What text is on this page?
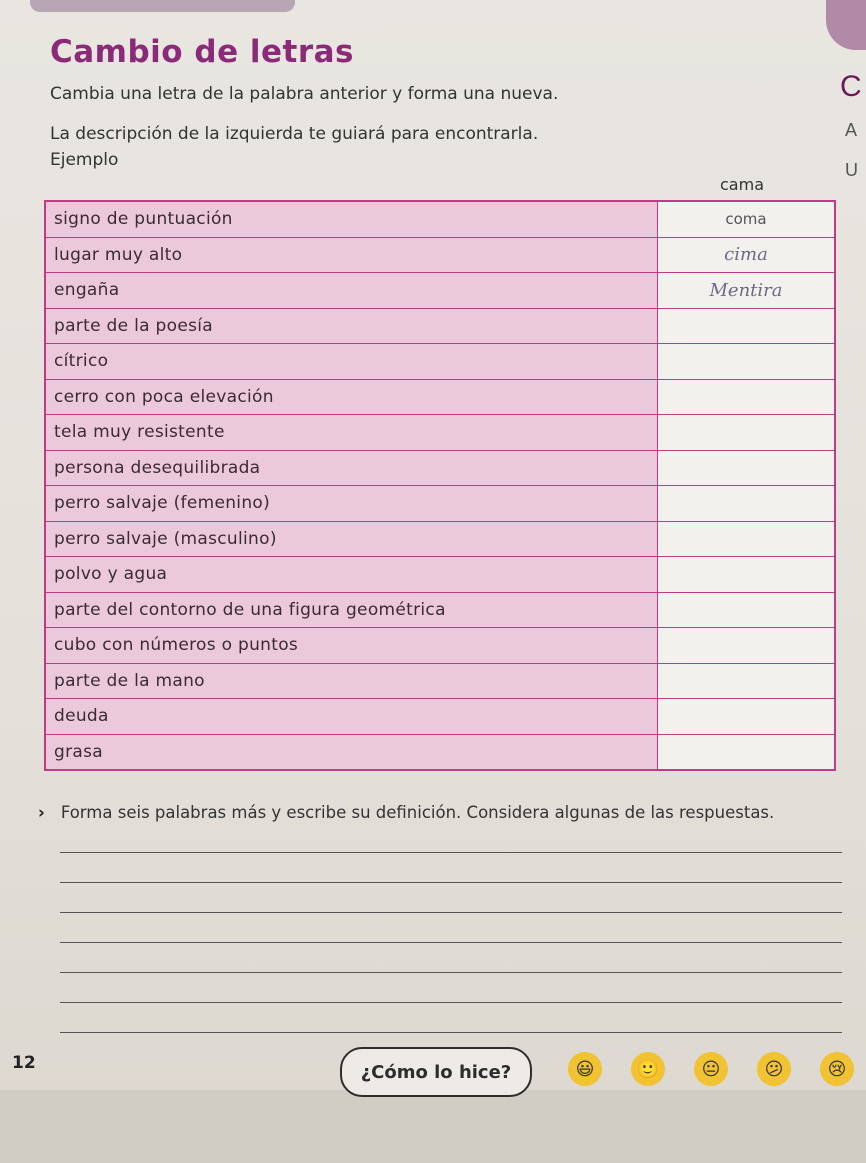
C
A
U
Cambio de letras
Cambia una letra de la palabra anterior y forma una nueva.
La descripción de la izquierda te guiará para encontrarla.
Ejemplo
cama
signo de puntuación	coma
lugar muy alto	cima
engaña	Mentira
parte de la poesía
cítrico
cerro con poca elevación
tela muy resistente
persona desequilibrada
perro salvaje (femenino)
perro salvaje (masculino)
polvo y agua
parte del contorno de una figura geométrica
cubo con números o puntos
parte de la mano
deuda
grasa
› Forma seis palabras más y escribe su definición. Considera algunas de las respuestas.
12	¿Cómo lo hice?	😃	🙂	😐	😕	😢
